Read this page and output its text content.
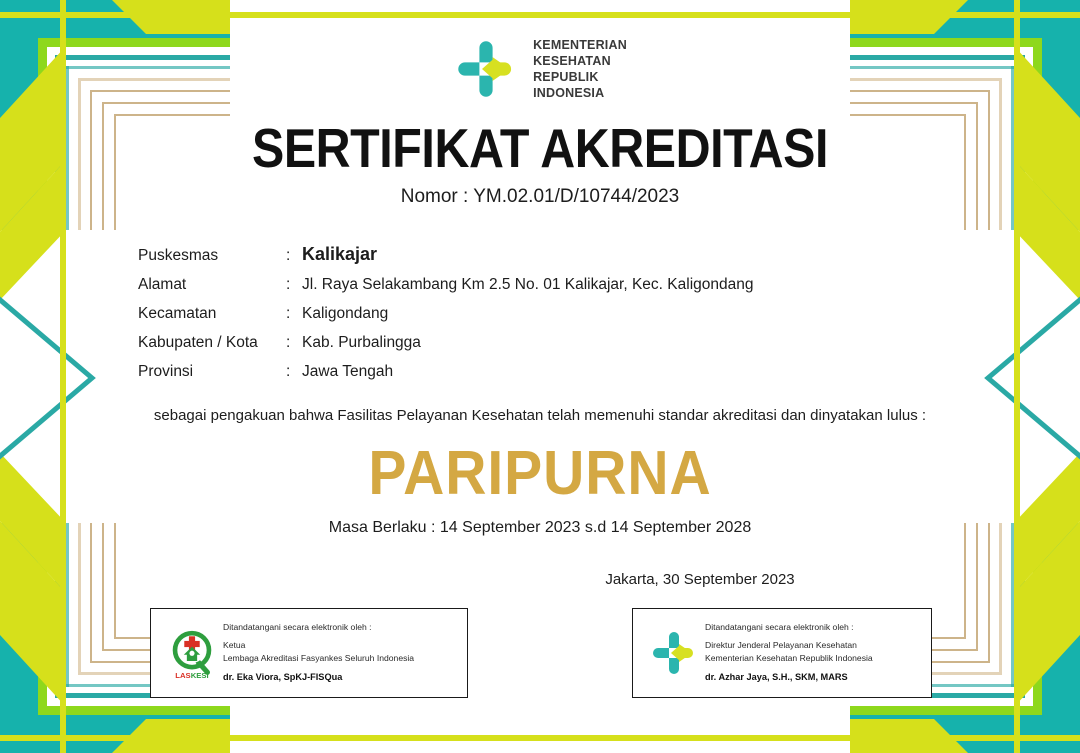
KEMENTERIAN
KESEHATAN
REPUBLIK
INDONESIA
SERTIFIKAT AKREDITASI
Nomor : YM.02.01/D/10744/2023
Puskesmas	: Kalikajar
Alamat	: Jl. Raya Selakambang Km 2.5 No. 01 Kalikajar, Kec. Kaligondang
Kecamatan	: Kaligondang
Kabupaten / Kota	: Kab. Purbalingga
Provinsi	: Jawa Tengah
sebagai pengakuan bahwa Fasilitas Pelayanan Kesehatan telah memenuhi standar akreditasi dan dinyatakan lulus :
PARIPURNA
Masa Berlaku : 14 September 2023 s.d 14 September 2028
Jakarta, 30 September 2023
LASKESI
Ditandatangani secara elektronik oleh :
Ketua
Lembaga Akreditasi Fasyankes Seluruh Indonesia
dr. Eka Viora, SpKJ-FISQua
Ditandatangani secara elektronik oleh :
Direktur Jenderal Pelayanan Kesehatan
Kementerian Kesehatan Republik Indonesia
dr. Azhar Jaya, S.H., SKM, MARS
